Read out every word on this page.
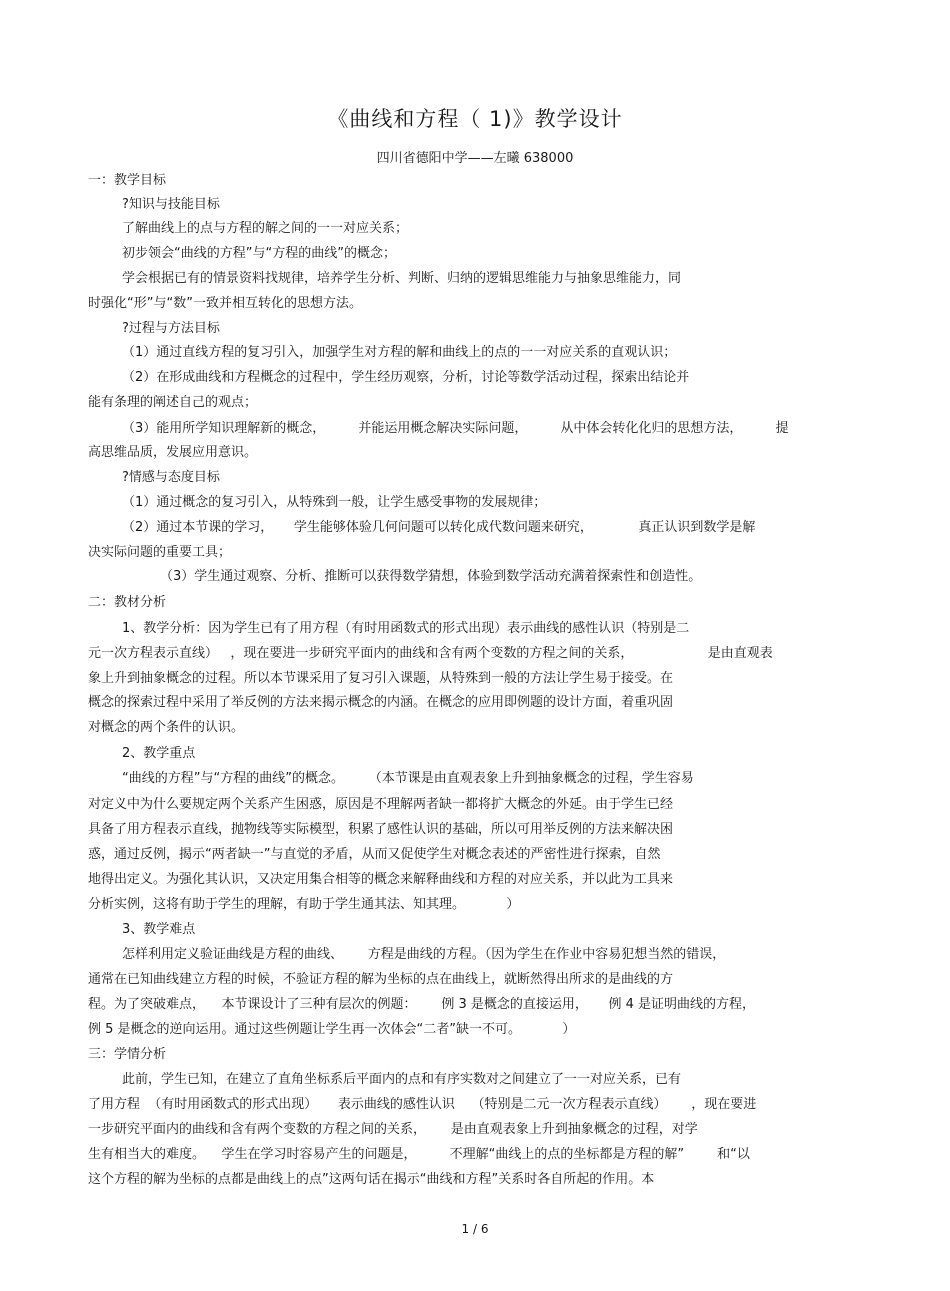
《曲线和方程（ 1)》教学设计
四川省德阳中学——左曦 638000
一：教学目标
?知识与技能目标
了解曲线上的点与方程的解之间的一一对应关系；
初步领会“曲线的方程”与“方程的曲线”的概念；
学会根据已有的情景资料找规律，培养学生分析、判断、归纳的逻辑思维能力与抽象思维能力，同
时强化“形”与“数”一致并相互转化的思想方法。
?过程与方法目标
（1）通过直线方程的复习引入，加强学生对方程的解和曲线上的点的一一对应关系的直观认识；
（2）在形成曲线和方程概念的过程中，学生经历观察，分析，讨论等数学活动过程，探索出结论并
能有条理的阐述自己的观点；
（3）能用所学知识理解新的概念，        并能运用概念解决实际问题，        从中体会转化化归的思想方法，        提
高思维品质，发展应用意识。
?情感与态度目标
（1）通过概念的复习引入，从特殊到一般，让学生感受事物的发展规律；
（2）通过本节课的学习，     学生能够体验几何问题可以转化成代数问题来研究，           真正认识到数学是解
决实际问题的重要工具；
（3）学生通过观察、分析、推断可以获得数学猜想，体验到数学活动充满着探索性和创造性。
二：教材分析
1、教学分析：因为学生已有了用方程（有时用函数式的形式出现）表示曲线的感性认识（特别是二
元一次方程表示直线）   ，现在要进一步研究平面内的曲线和含有两个变数的方程之间的关系，                  是由直观表
象上升到抽象概念的过程。所以本节课采用了复习引入课题，从特殊到一般的方法让学生易于接受。在
概念的探索过程中采用了举反例的方法来揭示概念的内涵。在概念的应用即例题的设计方面，着重巩固
对概念的两个条件的认识。
2、教学重点
“曲线的方程”与“方程的曲线”的概念。      （本节课是由直观表象上升到抽象概念的过程，学生容易
对定义中为什么要规定两个关系产生困惑，原因是不理解两者缺一都将扩大概念的外延。由于学生已经
具备了用方程表示直线，抛物线等实际模型，积累了感性认识的基础，所以可用举反例的方法来解决困
惑，通过反例，揭示“两者缺一”与直觉的矛盾，从而又促使学生对概念表述的严密性进行探索，自然
地得出定义。为强化其认识，又决定用集合相等的概念来解释曲线和方程的对应关系，并以此为工具来
分析实例，这将有助于学生的理解，有助于学生通其法、知其理。          ）
3、教学难点
怎样利用定义验证曲线是方程的曲线、      方程是曲线的方程。（因为学生在作业中容易犯想当然的错误，
通常在已知曲线建立方程的时候，不验证方程的解为坐标的点在曲线上，就断然得出所求的是曲线的方
程。为了突破难点，    本节课设计了三种有层次的例题：      例 3 是概念的直接运用，     例 4 是证明曲线的方程，
例 5 是概念的逆向运用。通过这些例题让学生再一次体会“二者”缺一不可。          ）
三：学情分析
此前，学生已知，在建立了直角坐标系后平面内的点和有序实数对之间建立了一一对应关系，已有
了用方程  （有时用函数式的形式出现）     表示曲线的感性认识    （特别是二元一次方程表示直线）      ，现在要进
一步研究平面内的曲线和含有两个变数的方程之间的关系，      是由直观表象上升到抽象概念的过程，对学
生有相当大的难度。    学生在学习时容易产生的问题是，        不理解“曲线上的点的坐标都是方程的解”        和“以
这个方程的解为坐标的点都是曲线上的点”这两句话在揭示“曲线和方程”关系时各自所起的作用。本
1 / 6
